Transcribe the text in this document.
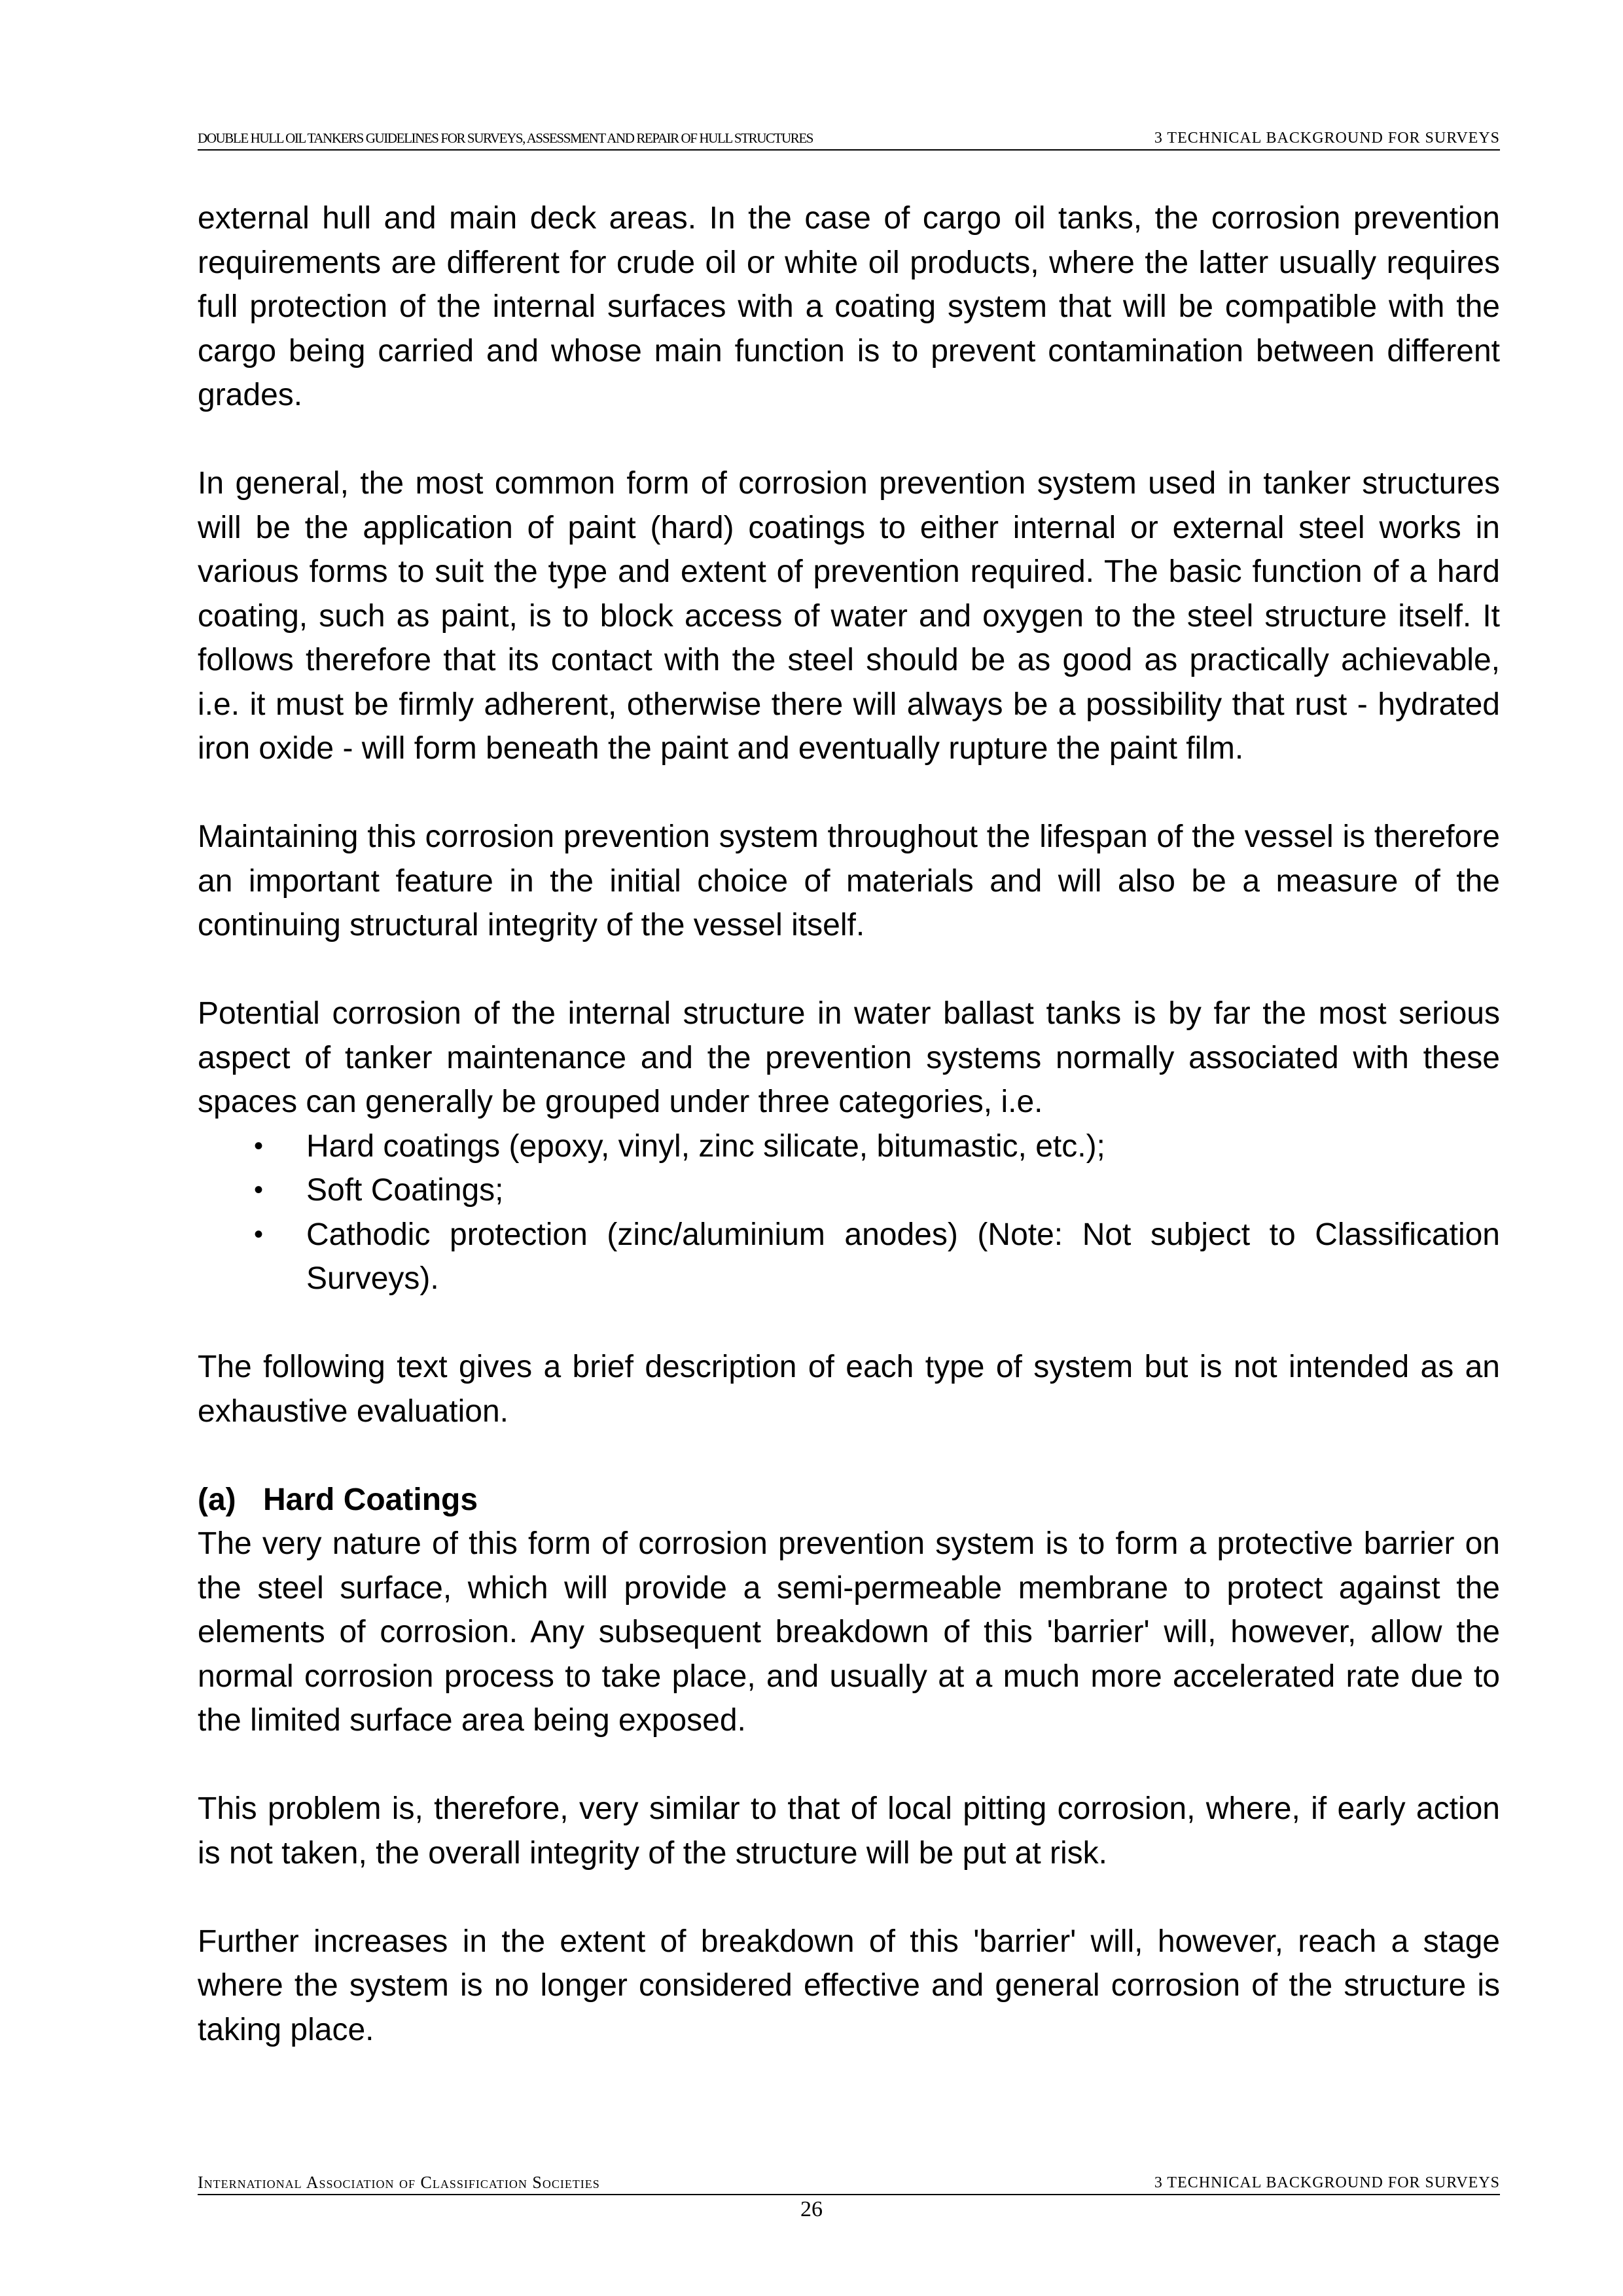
DOUBLE HULL OIL TANKERS GUIDELINES FOR SURVEYS, ASSESSMENT AND REPAIR OF HULL STRUCTURES	3 TECHNICAL BACKGROUND FOR SURVEYS

external hull and main deck areas. In the case of cargo oil tanks, the corrosion prevention requirements are different for crude oil or white oil products, where the latter usually requires full protection of the internal surfaces with a coating system that will be compatible with the cargo being carried and whose main function is to prevent contamination between different grades.

In general, the most common form of corrosion prevention system used in tanker structures will be the application of paint (hard) coatings to either internal or external steel works in various forms to suit the type and extent of prevention required. The basic function of a hard coating, such as paint, is to block access of water and oxygen to the steel structure itself. It follows therefore that its contact with the steel should be as good as practically achievable, i.e. it must be firmly adherent, otherwise there will always be a possibility that rust - hydrated iron oxide - will form beneath the paint and eventually rupture the paint film.

Maintaining this corrosion prevention system throughout the lifespan of the vessel is therefore an important feature in the initial choice of materials and will also be a measure of the continuing structural integrity of the vessel itself.

Potential corrosion of the internal structure in water ballast tanks is by far the most serious aspect of tanker maintenance and the prevention systems normally associated with these spaces can generally be grouped under three categories, i.e.

• Hard coatings (epoxy, vinyl, zinc silicate, bitumastic, etc.);
• Soft Coatings;
• Cathodic protection (zinc/aluminium anodes) (Note: Not subject to Classification Surveys).

The following text gives a brief description of each type of system but is not intended as an exhaustive evaluation.

(a) Hard Coatings

The very nature of this form of corrosion prevention system is to form a protective barrier on the steel surface, which will provide a semi-permeable membrane to protect against the elements of corrosion. Any subsequent breakdown of this 'barrier' will, however, allow the normal corrosion process to take place, and usually at a much more accelerated rate due to the limited surface area being exposed.

This problem is, therefore, very similar to that of local pitting corrosion, where, if early action is not taken, the overall integrity of the structure will be put at risk.

Further increases in the extent of breakdown of this 'barrier' will, however, reach a stage where the system is no longer considered effective and general corrosion of the structure is taking place.

International Association of Classification Societies	3 TECHNICAL BACKGROUND FOR SURVEYS
26
